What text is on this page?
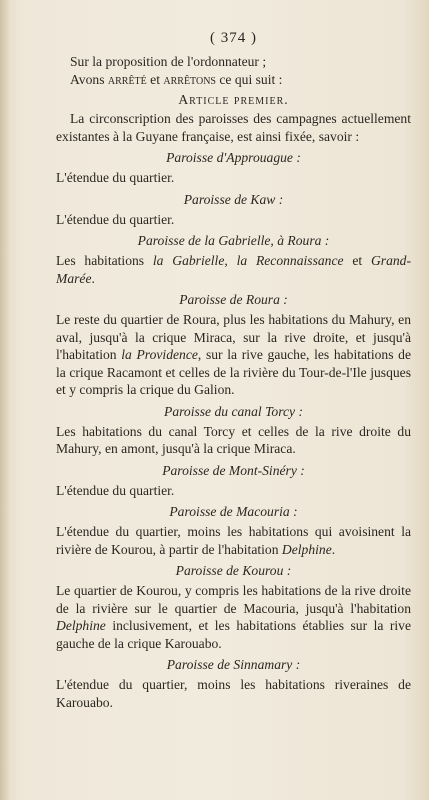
( 374 )

Sur la proposition de l'ordonnateur ;

Avons arrêté et arrêtons ce qui suit :

Article premier.

La circonscription des paroisses des campagnes actuellement existantes à la Guyane française, est ainsi fixée, savoir :

Paroisse d'Approuague :

L'étendue du quartier.

Paroisse de Kaw :

L'étendue du quartier.

Paroisse de la Gabrielle, à Roura :

Les habitations la Gabrielle, la Reconnaissance et Grand-Marée.

Paroisse de Roura :

Le reste du quartier de Roura, plus les habitations du Mahury, en aval, jusqu'à la crique Miraca, sur la rive droite, et jusqu'à l'habitation la Providence, sur la rive gauche, les habitations de la crique Racamont et celles de la rivière du Tour-de-l'Ile jusques et y compris la crique du Galion.

Paroisse du canal Torcy :

Les habitations du canal Torcy et celles de la rive droite du Mahury, en amont, jusqu'à la crique Miraca.

Paroisse de Mont-Sinéry :

L'étendue du quartier.

Paroisse de Macouria :

L'étendue du quartier, moins les habitations qui avoisinent la rivière de Kourou, à partir de l'habitation Delphine.

Paroisse de Kourou :

Le quartier de Kourou, y compris les habitations de la rive droite de la rivière sur le quartier de Macouria, jusqu'à l'habitation Delphine inclusivement, et les habitations établies sur la rive gauche de la crique Karouabo.

Paroisse de Sinnamary :

L'étendue du quartier, moins les habitations riveraines de Karouabo.
